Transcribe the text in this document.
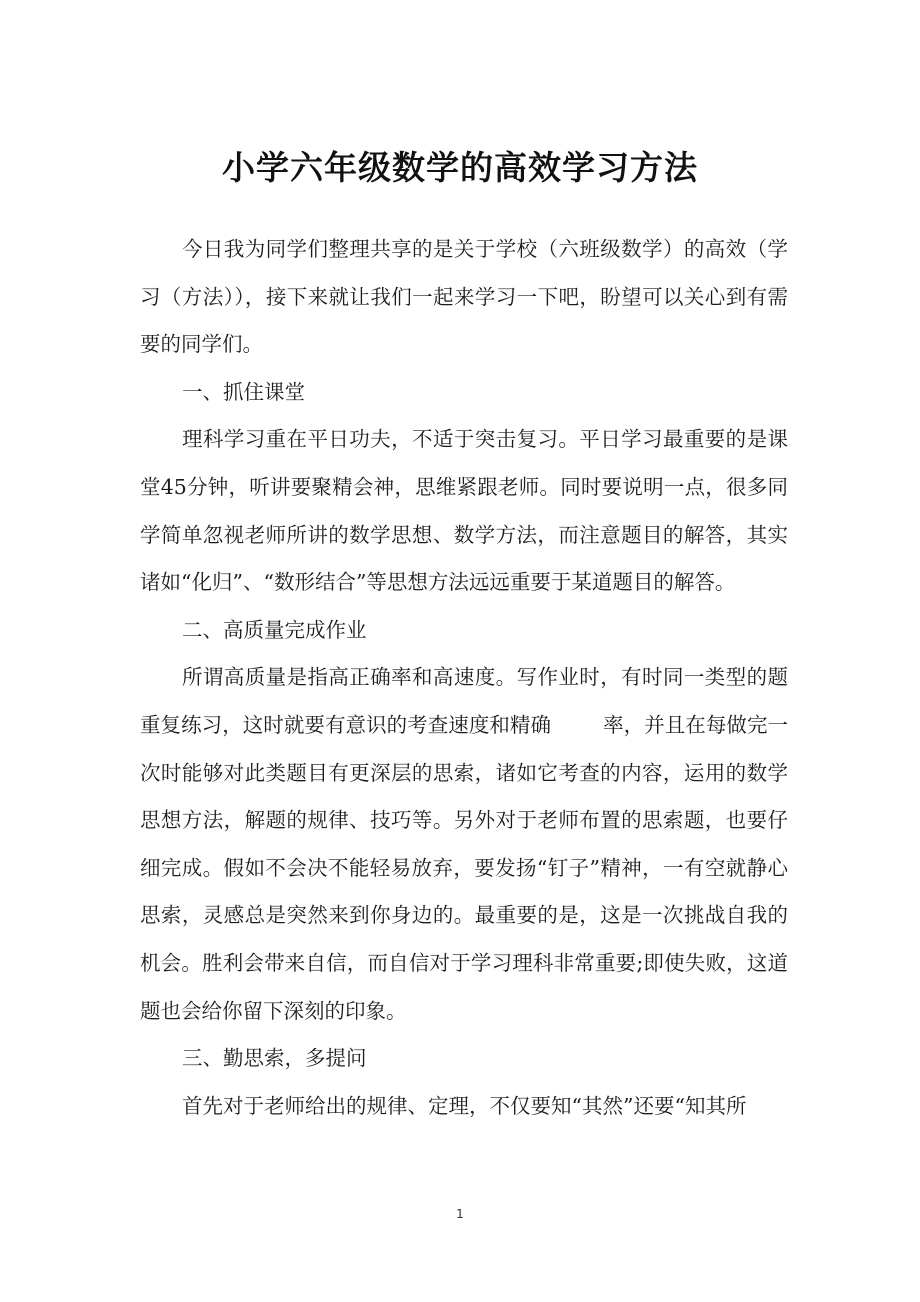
小学六年级数学的高效学习方法

今日我为同学们整理共享的是关于学校（六班级数学）的高效（学习（方法）），接下来就让我们一起来学习一下吧，盼望可以关心到有需要的同学们。

一、抓住课堂

理科学习重在平日功夫，不适于突击复习。平日学习最重要的是课堂45分钟，听讲要聚精会神，思维紧跟老师。同时要说明一点，很多同学简单忽视老师所讲的数学思想、数学方法，而注意题目的解答，其实诸如“化归”、“数形结合”等思想方法远远重要于某道题目的解答。

二、高质量完成作业

所谓高质量是指高正确率和高速度。写作业时，有时同一类型的题重复练习，这时就要有意识的考查速度和精确	率，并且在每做完一次时能够对此类题目有更深层的思索，诸如它考查的内容，运用的数学思想方法，解题的规律、技巧等。另外对于老师布置的思索题，也要仔细完成。假如不会决不能轻易放弃，要发扬“钉子”精神，一有空就静心思索，灵感总是突然来到你身边的。最重要的是，这是一次挑战自我的机会。胜利会带来自信，而自信对于学习理科非常重要;即使失败，这道题也会给你留下深刻的印象。

三、勤思索，多提问

首先对于老师给出的规律、定理，不仅要知“其然”还要“知其所

1
